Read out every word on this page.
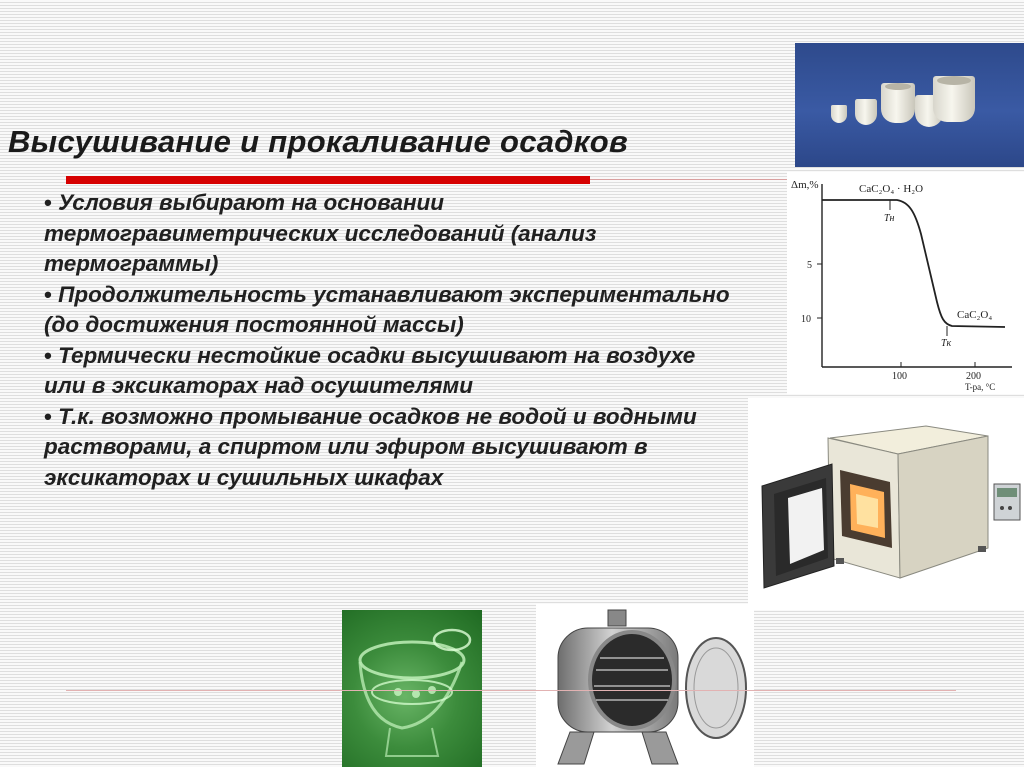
Высушивание и прокаливание осадков
• Условия выбирают на основании термогравиметрических исследований (анализ термограммы)
• Продолжительность устанавливают экспериментально (до достижения постоянной массы)
• Термически нестойкие осадки высушивают на воздухе или в эксикаторах над осушителями
• Т.к. возможно промывание осадков не водой и водными растворами, а спиртом или эфиром высушивают в эксикаторах и сушильных шкафах
Δm,%	CaC₂O₄ · H₂O
CaC₂O₄
Tн
Tк
5
10
100	200
T-ра, °C
